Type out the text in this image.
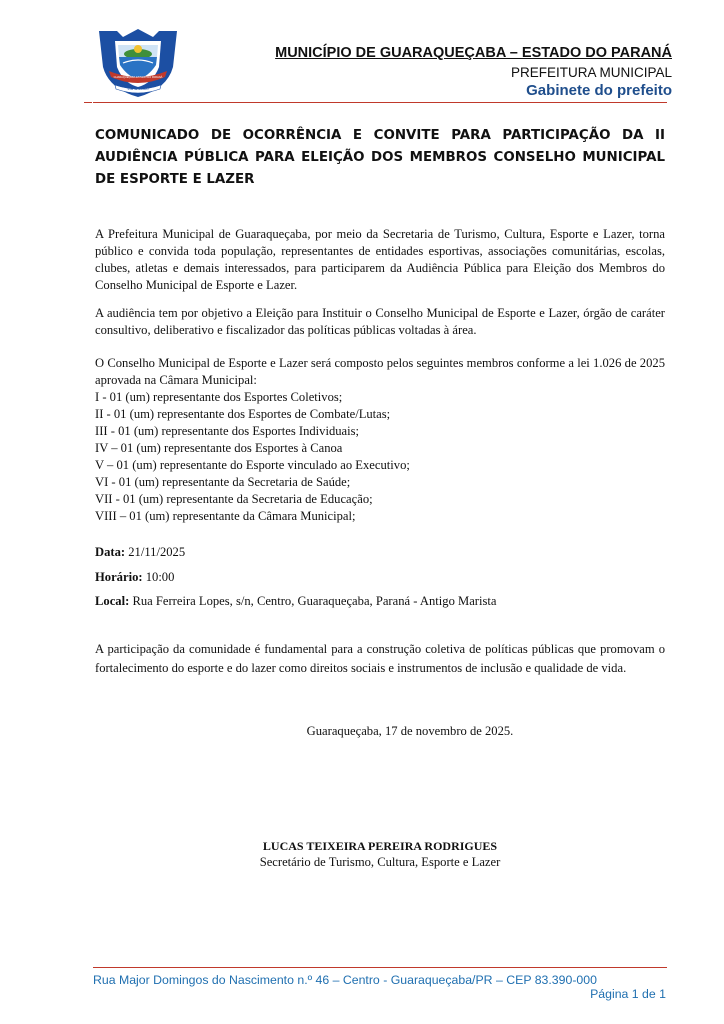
GUARAQUEÇABA ESTADO DO PARANÁ
3 DE SETEMBRO
MUNICÍPIO DE GUARAQUEÇABA – ESTADO DO PARANÁ
PREFEITURA MUNICIPAL
Gabinete do prefeito
COMUNICADO DE OCORRÊNCIA E CONVITE PARA PARTICIPAÇÃO DA II AUDIÊNCIA PÚBLICA PARA ELEIÇÃO DOS MEMBROS CONSELHO MUNICIPAL DE ESPORTE E LAZER
A Prefeitura Municipal de Guaraqueçaba, por meio da Secretaria de Turismo, Cultura, Esporte e Lazer, torna público e convida toda população, representantes de entidades esportivas, associações comunitárias, escolas, clubes, atletas e demais interessados, para participarem da Audiência Pública para Eleição dos Membros do Conselho Municipal de Esporte e Lazer.
A audiência tem por objetivo a Eleição para Instituir o Conselho Municipal de Esporte e Lazer, órgão de caráter consultivo, deliberativo e fiscalizador das políticas públicas voltadas à área.
O Conselho Municipal de Esporte e Lazer será composto pelos seguintes membros conforme a lei 1.026 de 2025 aprovada na Câmara Municipal:
I - 01 (um) representante dos Esportes Coletivos;
II - 01 (um) representante dos Esportes de Combate/Lutas;
III - 01 (um) representante dos Esportes Individuais;
IV – 01 (um) representante dos Esportes à Canoa
V – 01 (um) representante do Esporte vinculado ao Executivo;
VI - 01 (um) representante da Secretaria de Saúde;
VII - 01 (um) representante da Secretaria de Educação;
VIII – 01 (um) representante da Câmara Municipal;
Data: 21/11/2025
Horário: 10:00
Local: Rua Ferreira Lopes, s/n, Centro, Guaraqueçaba, Paraná - Antigo Marista
A participação da comunidade é fundamental para a construção coletiva de políticas públicas que promovam o fortalecimento do esporte e do lazer como direitos sociais e instrumentos de inclusão e qualidade de vida.
Guaraqueçaba, 17 de novembro de 2025.
LUCAS TEIXEIRA PEREIRA RODRIGUES
Secretário de Turismo, Cultura, Esporte e Lazer
Rua Major Domingos do Nascimento n.º 46 – Centro - Guaraqueçaba/PR – CEP 83.390-000
Página 1 de 1
